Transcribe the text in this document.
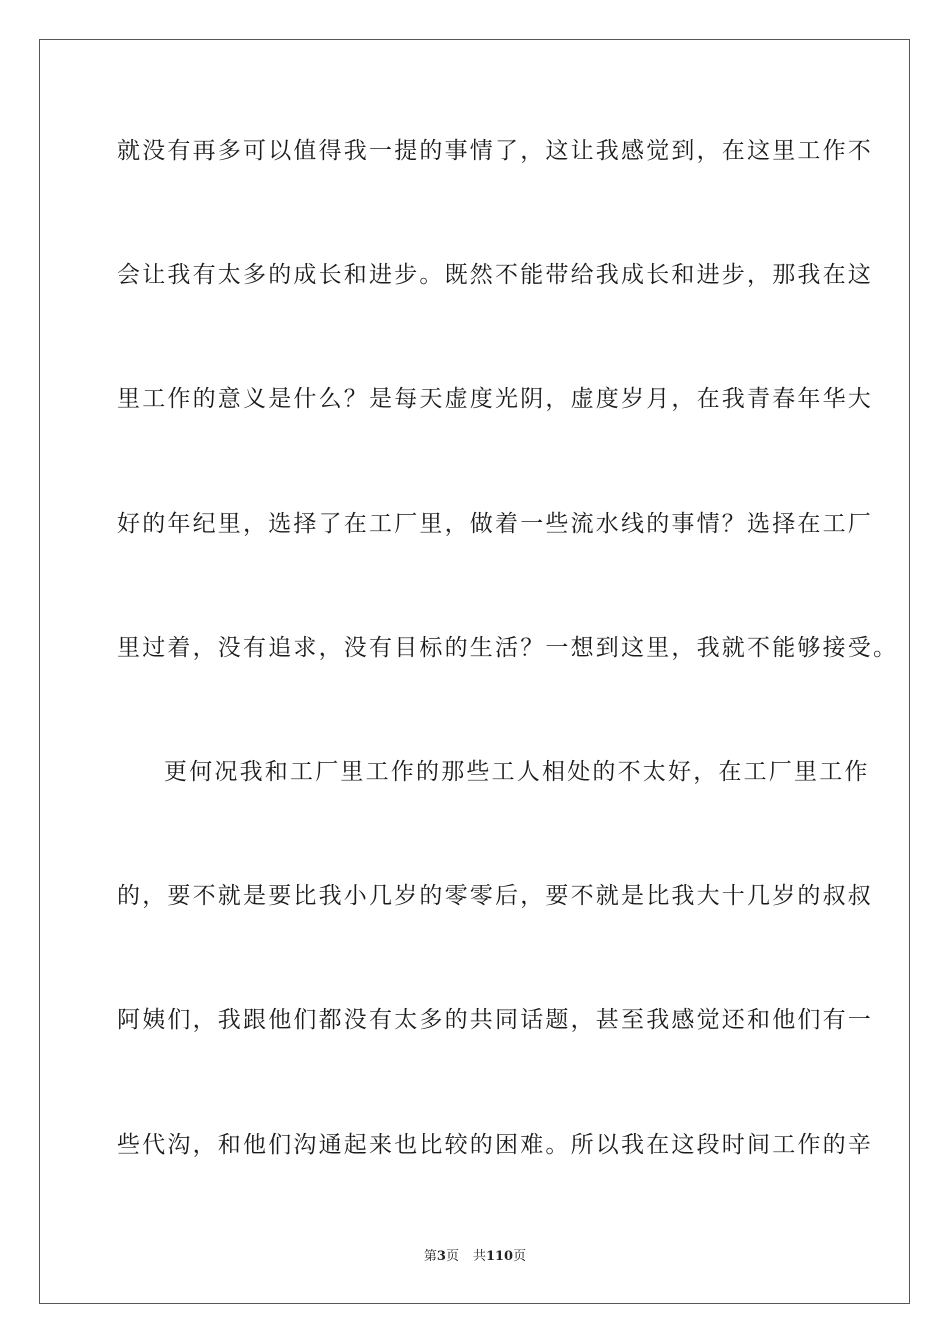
就没有再多可以值得我一提的事情了，这让我感觉到，在这里工作不
会让我有太多的成长和进步。既然不能带给我成长和进步，那我在这
里工作的意义是什么？是每天虚度光阴，虚度岁月，在我青春年华大
好的年纪里，选择了在工厂里，做着一些流水线的事情？选择在工厂
里过着，没有追求，没有目标的生活？一想到这里，我就不能够接受。
更何况我和工厂里工作的那些工人相处的不太好，在工厂里工作
的，要不就是要比我小几岁的零零后，要不就是比我大十几岁的叔叔
阿姨们，我跟他们都没有太多的共同话题，甚至我感觉还和他们有一
些代沟，和他们沟通起来也比较的困难。所以我在这段时间工作的辛
第3页 共110页
